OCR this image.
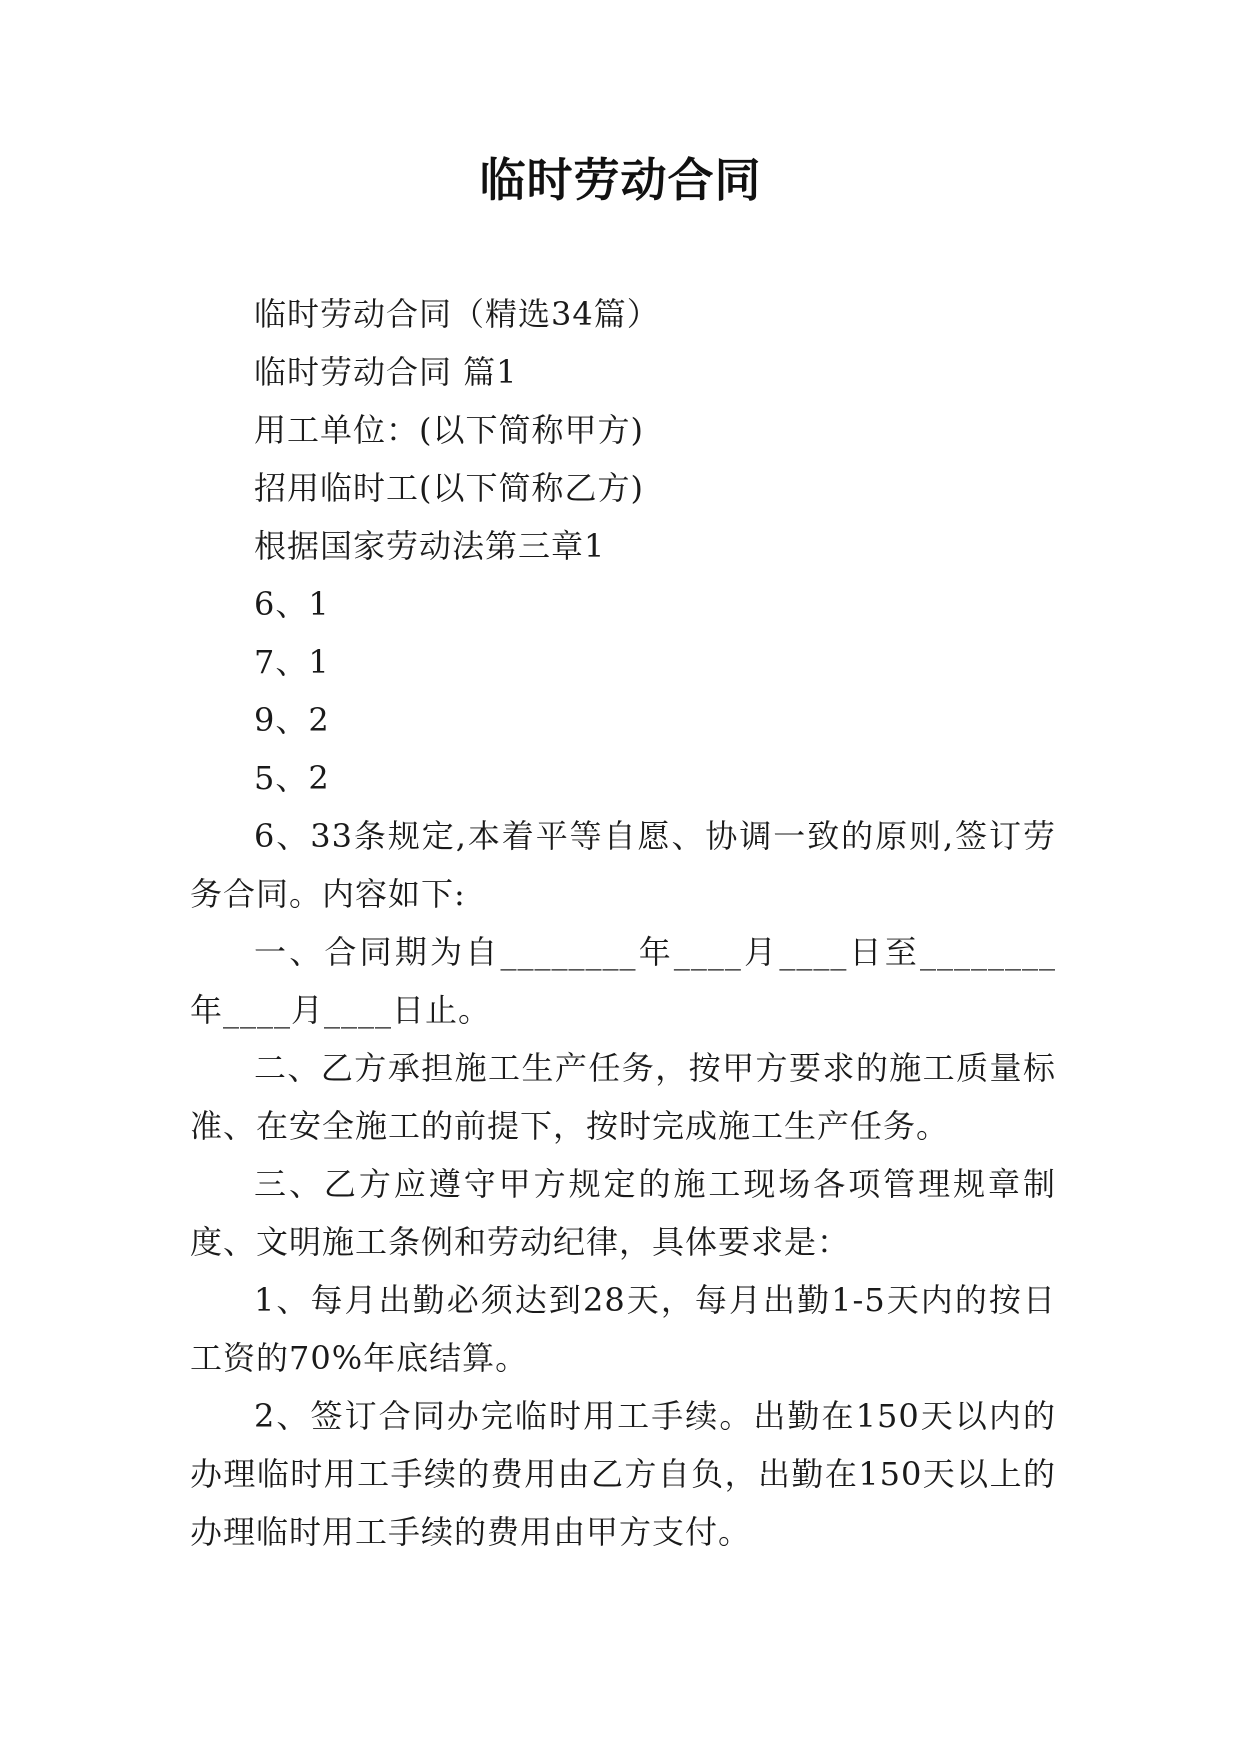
临时劳动合同

临时劳动合同（精选34篇）

临时劳动合同 篇1

用工单位：(以下简称甲方)

招用临时工(以下简称乙方)

根据国家劳动法第三章1

6、1

7、1

9、2

5、2

6、33条规定,本着平等自愿、协调一致的原则,签订劳务合同。内容如下:

一、合同期为自________年____月____日至________年____月____日止。

二、乙方承担施工生产任务，按甲方要求的施工质量标准、在安全施工的前提下，按时完成施工生产任务。

三、乙方应遵守甲方规定的施工现场各项管理规章制度、文明施工条例和劳动纪律，具体要求是：

1、每月出勤必须达到28天，每月出勤1-5天内的按日工资的70%年底结算。

2、签订合同办完临时用工手续。出勤在150天以内的办理临时用工手续的费用由乙方自负，出勤在150天以上的办理临时用工手续的费用由甲方支付。
